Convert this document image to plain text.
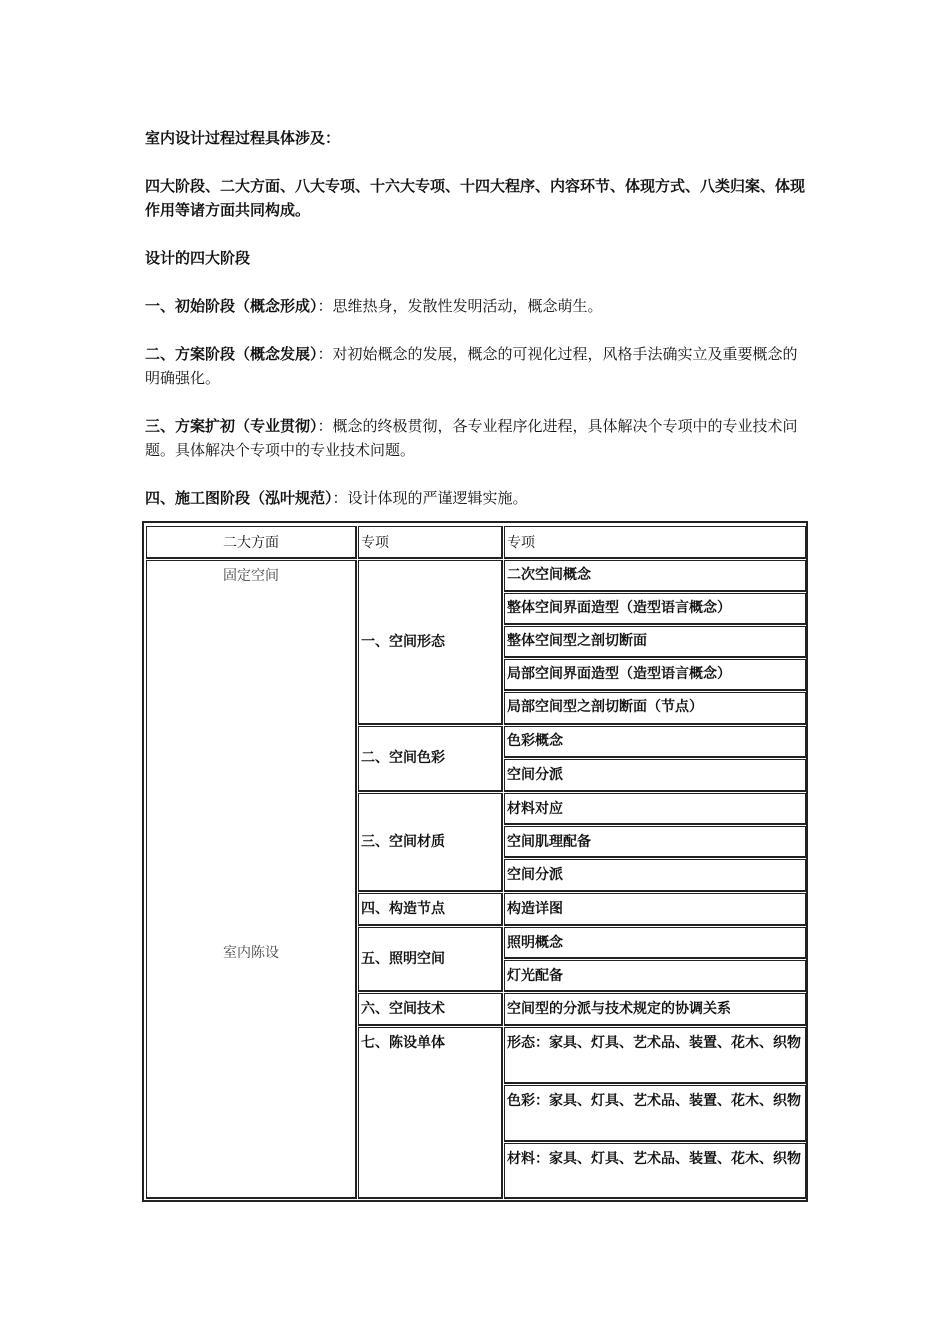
室内设计过程过程具体涉及：

四大阶段、二大方面、八大专项、十六大专项、十四大程序、内容环节、体现方式、八类归案、体现作用等诸方面共同构成。

设计的四大阶段

一、初始阶段（概念形成）：思维热身，发散性发明活动，概念萌生。

二、方案阶段（概念发展）：对初始概念的发展，概念的可视化过程，风格手法确实立及重要概念的明确强化。

三、方案扩初（专业贯彻）：概念的终极贯彻，各专业程序化进程，具体解决个专项中的专业技术问题。具体解决个专项中的专业技术问题。

四、施工图阶段（泓叶规范）：设计体现的严谨逻辑实施。

二大方面	专项	专项
固定空间
室内陈设
一、空间形态
二、空间色彩
三、空间材质
四、构造节点
五、照明空间
六、空间技术
七、陈设单体
二次空间概念
整体空间界面造型（造型语言概念）
整体空间型之剖切断面
局部空间界面造型（造型语言概念）
局部空间型之剖切断面（节点）
色彩概念
空间分派
材料对应
空间肌理配备
空间分派
构造详图
照明概念
灯光配备
空间型的分派与技术规定的协调关系
形态：家具、灯具、艺术品、装置、花木、织物
色彩：家具、灯具、艺术品、装置、花木、织物
材料：家具、灯具、艺术品、装置、花木、织物
